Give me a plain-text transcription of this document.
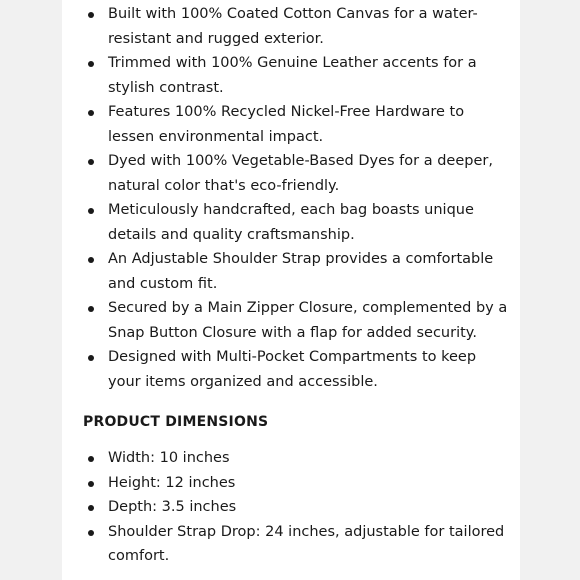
Built with 100% Coated Cotton Canvas for a water-resistant and rugged exterior.
Trimmed with 100% Genuine Leather accents for a stylish contrast.
Features 100% Recycled Nickel-Free Hardware to lessen environmental impact.
Dyed with 100% Vegetable-Based Dyes for a deeper, natural color that's eco-friendly.
Meticulously handcrafted, each bag boasts unique details and quality craftsmanship.
An Adjustable Shoulder Strap provides a comfortable and custom fit.
Secured by a Main Zipper Closure, complemented by a Snap Button Closure with a flap for added security.
Designed with Multi-Pocket Compartments to keep your items organized and accessible.
PRODUCT DIMENSIONS
Width: 10 inches
Height: 12 inches
Depth: 3.5 inches
Shoulder Strap Drop: 24 inches, adjustable for tailored comfort.
